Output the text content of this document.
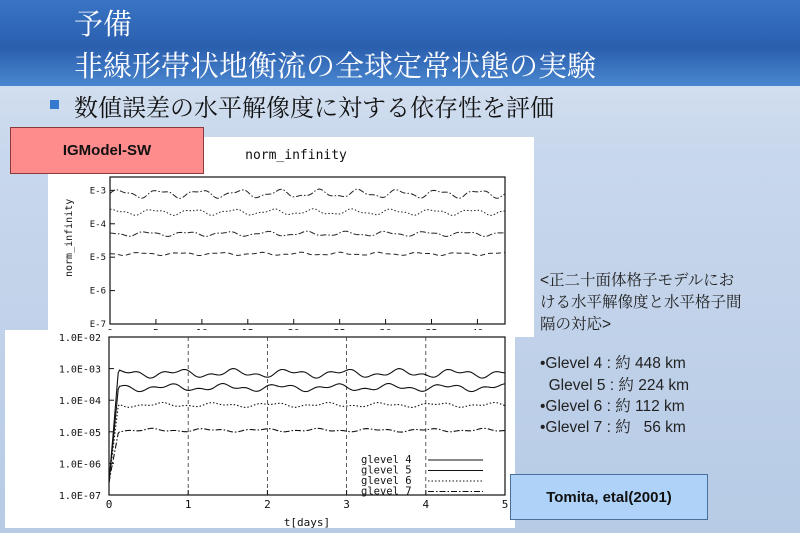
予備
非線形帯状地衡流の全球定常状態の実験
数値誤差の水平解像度に対する依存性を評価
norm_infinity
norm_infinity
E-3
E-4
E-5
E-6
E-7
0	1	2	3	4	5
1.0E-02
1.0E-03
1.0E-04
1.0E-05
1.0E-06
1.0E-07
glevel 4
glevel 5
glevel 6
glevel 7
t[days]
IGModel-SW
<正二十面体格子モデルにお
ける水平解像度と水平格子間
隔の対応>
•Glevel 4 : 約 448 km
Glevel 5 : 約 224 km
•Glevel 6 : 約 112 km
•Glevel 7 : 約   56 km
Tomita, etal(2001)
